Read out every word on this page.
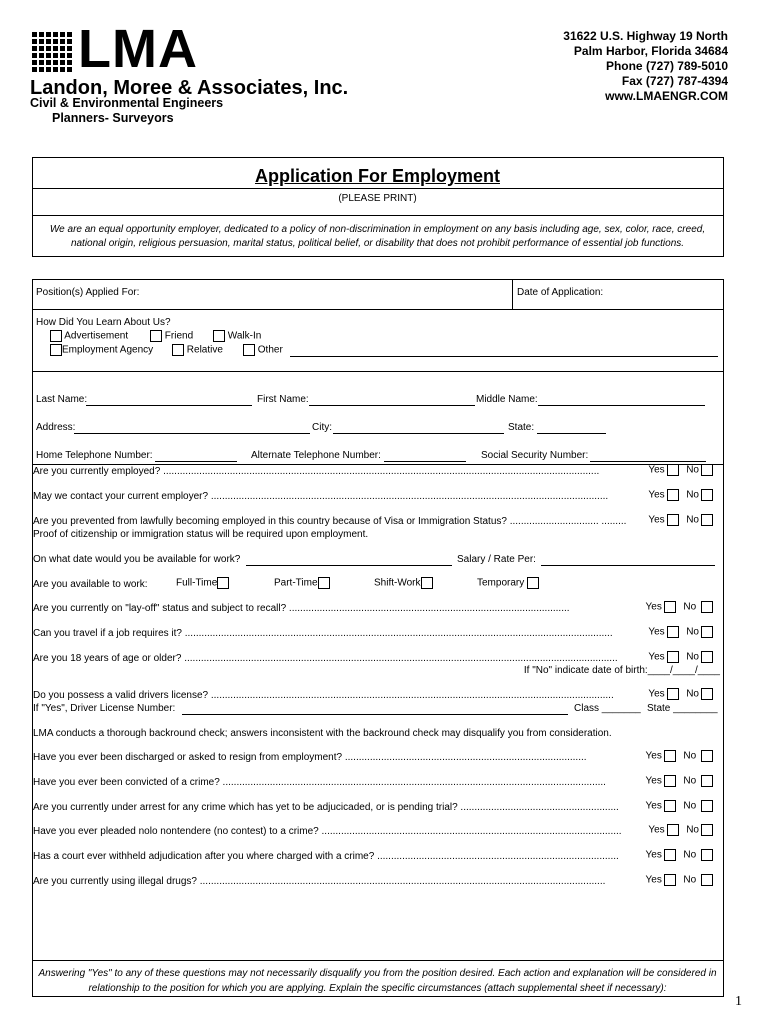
LMA
Landon, Moree & Associates, Inc.
Civil & Environmental Engineers
Planners- Surveyors
31622 U.S. Highway 19 North
Palm Harbor, Florida 34684
Phone (727) 789-5010
Fax (727) 787-4394
www.LMAENGR.COM
Application For Employment
(PLEASE PRINT)
We are an equal opportunity employer, dedicated to a policy of non-discrimination in employment on any basis including age, sex, color, race, creed, national origin, religious persuasion, marital status, political belief, or disability that does not prohibit performance of essential job functions.
Position(s) Applied For:	Date of Application:
How Did You Learn About Us?
Advertisement	Friend	Walk-In
Employment Agency	Relative	Other
Last Name:	First Name:	Middle Name:
Address:	City:	State:
Home Telephone Number:	Alternate Telephone Number:	Social Security Number:
Are you currently employed? .............................................................................................................................................................	Yes No
May we contact your current employer? ...............................................................................................................................................	Yes No
Are you prevented from lawfully becoming employed in this country because of Visa or Immigration Status? ................................ .........	Yes No
Proof of citizenship or immigration status will be required upon employment.
On what date would you be available for work?	Salary / Rate Per:
Are you available to work:	Full-Time	Part-Time	Shift-Work	Temporary
Are you currently on "lay-off" status and subject to recall? .....................................................................................................	Yes No
Can you travel if a job requires it? ..........................................................................................................................................................	Yes No
Are you 18 years of age or older? ............................................................................................................................................................	Yes No
If "No" indicate date of birth:____/____/____
Do you possess a valid drivers license? .................................................................................................................................................	Yes No
If "Yes", Driver License Number:	Class _______ State ________
LMA conducts a thorough backround check; answers inconsistent with the backround check may disqualify you from consideration.
Have you ever been discharged or asked to resign from employment? .......................................................................................	Yes No
Have you ever been convicted of a crime? ..........................................................................................................................................	Yes No
Are you currently under arrest for any crime which has yet to be adjucicaded, or is pending trial? .........................................................	Yes No
Have you ever pleaded nolo nontendere (no contest) to a crime? ............................................................................................................	Yes No
Has a court ever withheld adjudication after you where charged with a crime? .......................................................................................	Yes No
Are you currently using illegal drugs? ..................................................................................................................................................	Yes No
Answering "Yes" to any of these questions may not necessarily disqualify you from the position desired. Each action and explanation will be considered in relationship to the position for which you are applying. Explain the specific circumstances (attach supplemental sheet if necessary):
1
